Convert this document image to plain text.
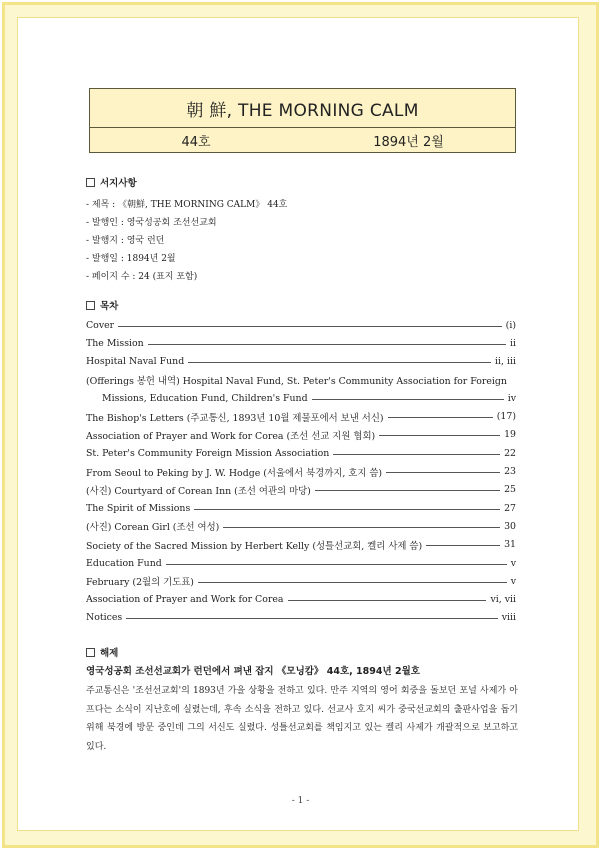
朝 鮮, THE MORNING CALM
44호	1894년 2월
서지사항
- 제목 : 《朝鮮, THE MORNING CALM》 44호
- 발행인 : 영국성공회 조선선교회
- 발행지 : 영국 런던
- 발행일 : 1894년 2월
- 페이지 수 : 24 (표지 포함)
목차
Cover	(i)
The Mission	ii
Hospital Naval Fund	ii, iii
(Offerings 봉헌 내역) Hospital Naval Fund, St. Peter's Community Association for Foreign
Missions, Education Fund, Children's Fund	iv
The Bishop's Letters (주교통신, 1893년 10월 제물포에서 보낸 서신)	(17)
Association of Prayer and Work for Corea (조선 선교 지원 협회)	19
St. Peter's Community Foreign Mission Association	22
From Seoul to Peking by J. W. Hodge (서울에서 북경까지, 호지 씀)	23
(사진) Courtyard of Corean Inn (조선 여관의 마당)	25
The Spirit of Missions	27
(사진) Corean Girl (조선 여성)	30
Society of the Sacred Mission by Herbert Kelly (성틀선교회, 켈리 사제 씀)	31
Education Fund	v
February (2월의 기도표)	v
Association of Prayer and Work for Corea	vi, vii
Notices	viii
해제
영국성공회 조선선교회가 런던에서 펴낸 잡지 《모닝캄》 44호, 1894년 2월호
주교통신은 '조선선교회'의 1893년 가을 상황을 전하고 있다. 만주 지역의 영어 회중을 돌보던 포널 사제가 아프다는 소식이 지난호에 실렸는데, 후속 소식을 전하고 있다. 선교사 호지 씨가 중국선교회의 출판사업을 돕기 위해 북경에 방문 중인데 그의 서신도 실렸다. 성틀선교회를 책임지고 있는 켈리 사제가 개괄적으로 보고하고 있다.
- 1 -
